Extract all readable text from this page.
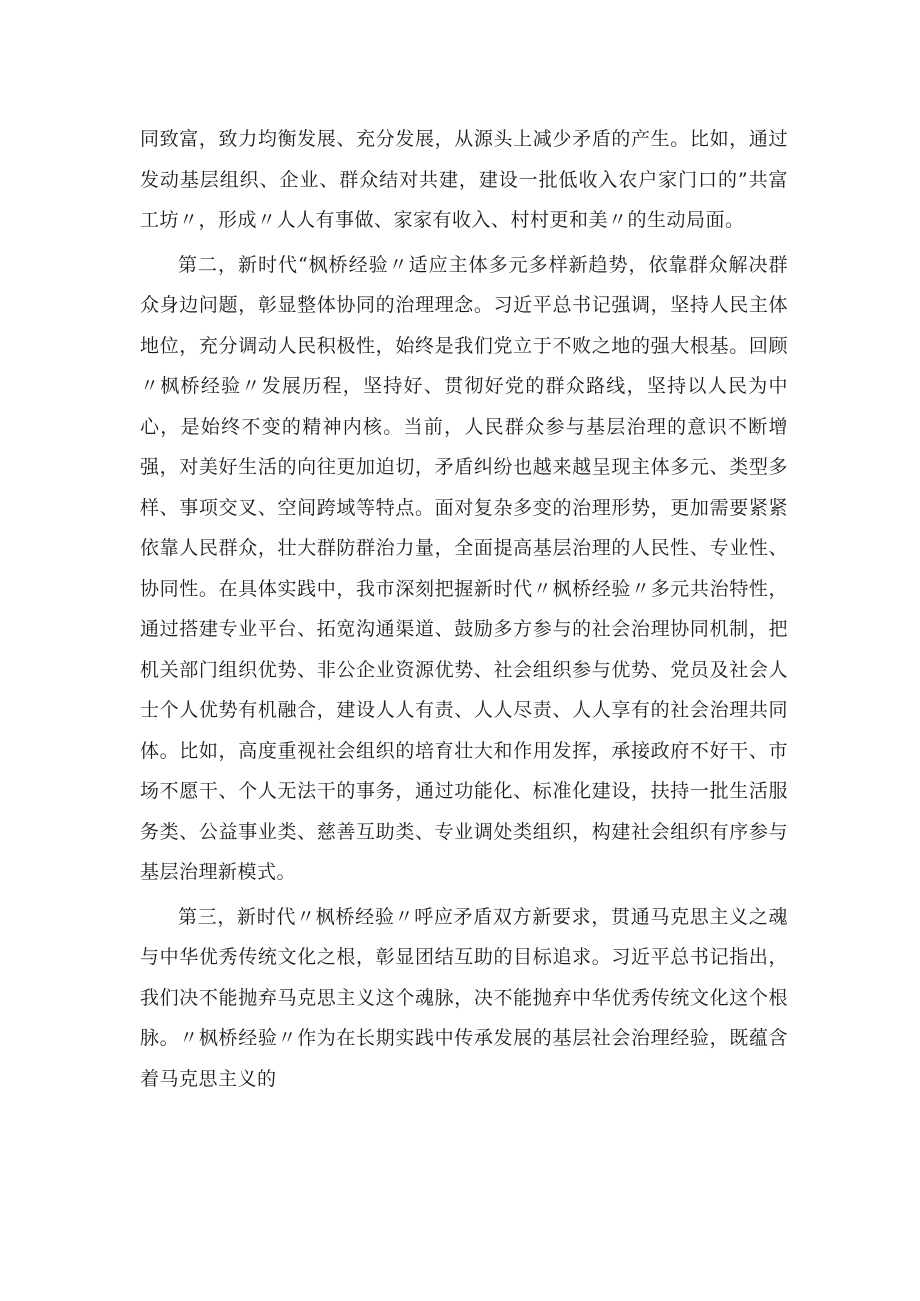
同致富，致力均衡发展、充分发展，从源头上减少矛盾的产生。比如，通过发动基层组织、企业、群众结对共建，建设一批低收入农户家门口的”共富工坊〃，形成〃人人有事做、家家有收入、村村更和美〃的生动局面。

第二，新时代“枫桥经验〃适应主体多元多样新趋势，依靠群众解决群众身边问题，彰显整体协同的治理理念。习近平总书记强调，坚持人民主体地位，充分调动人民积极性，始终是我们党立于不败之地的强大根基。回顾〃枫桥经验〃发展历程，坚持好、贯彻好党的群众路线，坚持以人民为中心，是始终不变的精神内核。当前，人民群众参与基层治理的意识不断增强，对美好生活的向往更加迫切，矛盾纠纷也越来越呈现主体多元、类型多样、事项交叉、空间跨域等特点。面对复杂多变的治理形势，更加需要紧紧依靠人民群众，壮大群防群治力量，全面提高基层治理的人民性、专业性、协同性。在具体实践中，我市深刻把握新时代〃枫桥经验〃多元共治特性，通过搭建专业平台、拓宽沟通渠道、鼓励多方参与的社会治理协同机制，把机关部门组织优势、非公企业资源优势、社会组织参与优势、党员及社会人士个人优势有机融合，建设人人有责、人人尽责、人人享有的社会治理共同体。比如，高度重视社会组织的培育壮大和作用发挥，承接政府不好干、市场不愿干、个人无法干的事务，通过功能化、标准化建设，扶持一批生活服务类、公益事业类、慈善互助类、专业调处类组织，构建社会组织有序参与基层治理新模式。

第三，新时代〃枫桥经验〃呼应矛盾双方新要求，贯通马克思主义之魂与中华优秀传统文化之根，彰显团结互助的目标追求。习近平总书记指出，我们决不能抛弃马克思主义这个魂脉，决不能抛弃中华优秀传统文化这个根脉。〃枫桥经验〃作为在长期实践中传承发展的基层社会治理经验，既蕴含着马克思主义的
